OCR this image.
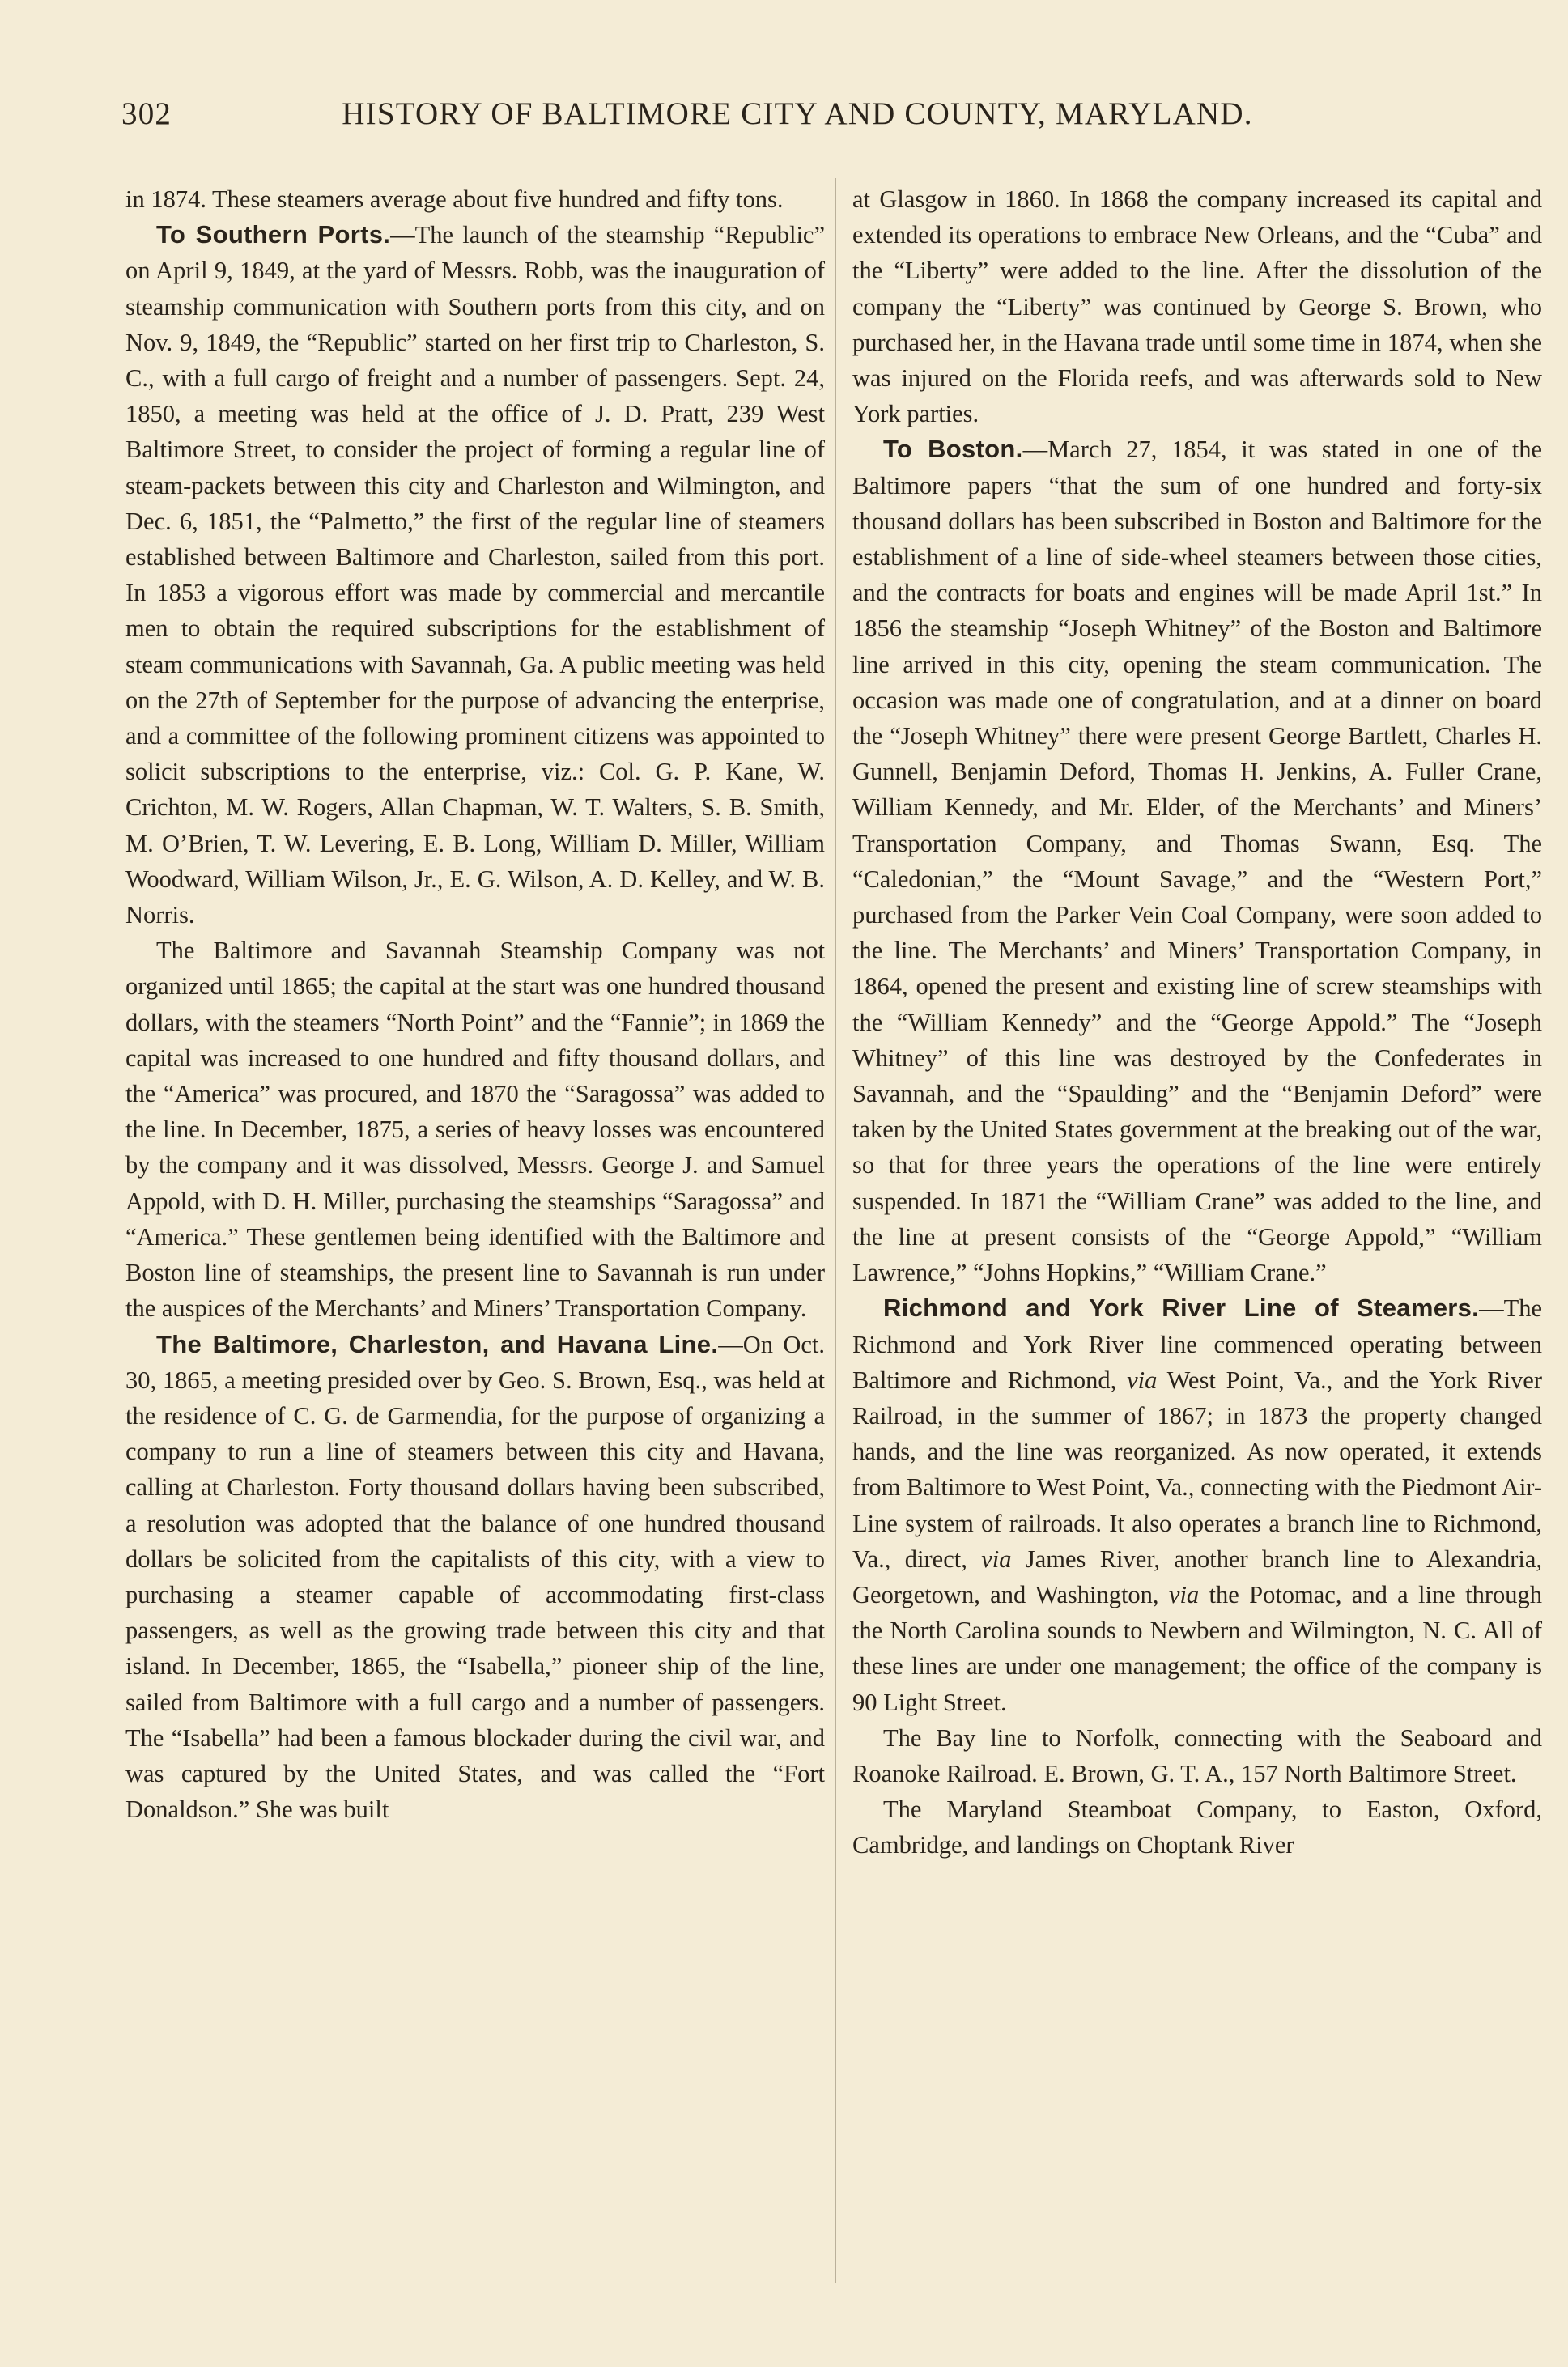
302	HISTORY OF BALTIMORE CITY AND COUNTY, MARYLAND.

in 1874. These steamers average about five hundred and fifty tons.

To Southern Ports.—The launch of the steamship “Republic” on April 9, 1849, at the yard of Messrs. Robb, was the inauguration of steamship communication with Southern ports from this city, and on Nov. 9, 1849, the “Republic” started on her first trip to Charleston, S. C., with a full cargo of freight and a number of passengers. Sept. 24, 1850, a meeting was held at the office of J. D. Pratt, 239 West Baltimore Street, to consider the project of forming a regular line of steam-packets between this city and Charleston and Wilmington, and Dec. 6, 1851, the “Palmetto,” the first of the regular line of steamers established between Baltimore and Charleston, sailed from this port. In 1853 a vigorous effort was made by commercial and mercantile men to obtain the required subscriptions for the establishment of steam communications with Savannah, Ga. A public meeting was held on the 27th of September for the purpose of advancing the enterprise, and a committee of the following prominent citizens was appointed to solicit subscriptions to the enterprise, viz.: Col. G. P. Kane, W. Crichton, M. W. Rogers, Allan Chapman, W. T. Walters, S. B. Smith, M. O’Brien, T. W. Levering, E. B. Long, William D. Miller, William Woodward, William Wilson, Jr., E. G. Wilson, A. D. Kelley, and W. B. Norris.

The Baltimore and Savannah Steamship Company was not organized until 1865; the capital at the start was one hundred thousand dollars, with the steamers “North Point” and the “Fannie”; in 1869 the capital was increased to one hundred and fifty thousand dollars, and the “America” was procured, and 1870 the “Saragossa” was added to the line. In December, 1875, a series of heavy losses was encountered by the company and it was dissolved, Messrs. George J. and Samuel Appold, with D. H. Miller, purchasing the steamships “Saragossa” and “America.” These gentlemen being identified with the Baltimore and Boston line of steamships, the present line to Savannah is run under the auspices of the Merchants’ and Miners’ Transportation Company.

The Baltimore, Charleston, and Havana Line.—On Oct. 30, 1865, a meeting presided over by Geo. S. Brown, Esq., was held at the residence of C. G. de Garmendia, for the purpose of organizing a company to run a line of steamers between this city and Havana, calling at Charleston. Forty thousand dollars having been subscribed, a resolution was adopted that the balance of one hundred thousand dollars be solicited from the capitalists of this city, with a view to purchasing a steamer capable of accommodating first-class passengers, as well as the growing trade between this city and that island. In December, 1865, the “Isabella,” pioneer ship of the line, sailed from Baltimore with a full cargo and a number of passengers. The “Isabella” had been a famous blockader during the civil war, and was captured by the United States, and was called the “Fort Donaldson.” She was built

at Glasgow in 1860. In 1868 the company increased its capital and extended its operations to embrace New Orleans, and the “Cuba” and the “Liberty” were added to the line. After the dissolution of the company the “Liberty” was continued by George S. Brown, who purchased her, in the Havana trade until some time in 1874, when she was injured on the Florida reefs, and was afterwards sold to New York parties.

To Boston.—March 27, 1854, it was stated in one of the Baltimore papers “that the sum of one hundred and forty-six thousand dollars has been subscribed in Boston and Baltimore for the establishment of a line of side-wheel steamers between those cities, and the contracts for boats and engines will be made April 1st.” In 1856 the steamship “Joseph Whitney” of the Boston and Baltimore line arrived in this city, opening the steam communication. The occasion was made one of congratulation, and at a dinner on board the “Joseph Whitney” there were present George Bartlett, Charles H. Gunnell, Benjamin Deford, Thomas H. Jenkins, A. Fuller Crane, William Kennedy, and Mr. Elder, of the Merchants’ and Miners’ Transportation Company, and Thomas Swann, Esq. The “Caledonian,” the “Mount Savage,” and the “Western Port,” purchased from the Parker Vein Coal Company, were soon added to the line. The Merchants’ and Miners’ Transportation Company, in 1864, opened the present and existing line of screw steamships with the “William Kennedy” and the “George Appold.” The “Joseph Whitney” of this line was destroyed by the Confederates in Savannah, and the “Spaulding” and the “Benjamin Deford” were taken by the United States government at the breaking out of the war, so that for three years the operations of the line were entirely suspended. In 1871 the “William Crane” was added to the line, and the line at present consists of the “George Appold,” “William Lawrence,” “Johns Hopkins,” “William Crane.”

Richmond and York River Line of Steamers.—The Richmond and York River line commenced operating between Baltimore and Richmond, via West Point, Va., and the York River Railroad, in the summer of 1867; in 1873 the property changed hands, and the line was reorganized. As now operated, it extends from Baltimore to West Point, Va., connecting with the Piedmont Air-Line system of railroads. It also operates a branch line to Richmond, Va., direct, via James River, another branch line to Alexandria, Georgetown, and Washington, via the Potomac, and a line through the North Carolina sounds to Newbern and Wilmington, N. C. All of these lines are under one management; the office of the company is 90 Light Street.

The Bay line to Norfolk, connecting with the Seaboard and Roanoke Railroad. E. Brown, G. T. A., 157 North Baltimore Street.

The Maryland Steamboat Company, to Easton, Oxford, Cambridge, and landings on Choptank River
